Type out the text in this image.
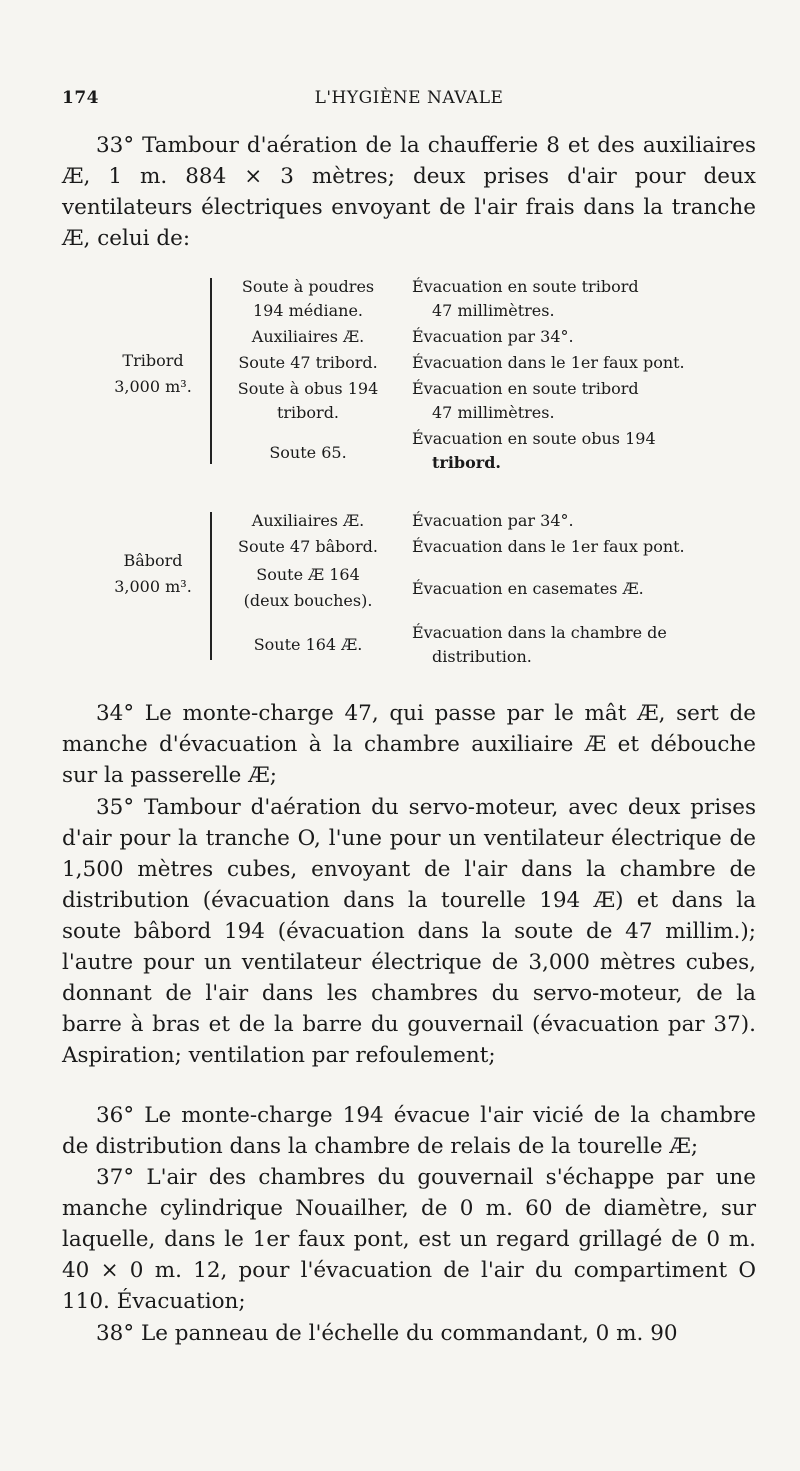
174	L'HYGIÈNE NAVALE

33° Tambour d'aération de la chaufferie 8 et des auxiliaires Æ, 1 m. 884 × 3 mètres; deux prises d'air pour deux ventilateurs électriques envoyant de l'air frais dans la tranche Æ, celui de:

Tribord
3,000 m³.
Soute à poudres
194 médiane.
Auxiliaires Æ.
Soute 47 tribord.
Soute à obus 194
tribord.
Soute 65.
Évacuation en soute tribord
47 millimètres.
Évacuation par 34°.
Évacuation dans le 1er faux pont.
Évacuation en soute tribord
47 millimètres.
Évacuation en soute obus 194
tribord.
Bâbord
3,000 m³.
Auxiliaires Æ.
Soute 47 bâbord.
Soute Æ 164
(deux bouches).
Soute 164 Æ.
Évacuation par 34°.
Évacuation dans le 1er faux pont.
Évacuation en casemates Æ.
Évacuation dans la chambre de
distribution.

34° Le monte-charge 47, qui passe par le mât Æ, sert de manche d'évacuation à la chambre auxiliaire Æ et débouche sur la passerelle Æ;

35° Tambour d'aération du servo-moteur, avec deux prises d'air pour la tranche O, l'une pour un ventilateur électrique de 1,500 mètres cubes, envoyant de l'air dans la chambre de distribution (évacuation dans la tourelle 194 Æ) et dans la soute bâbord 194 (évacuation dans la soute de 47 millim.); l'autre pour un ventilateur électrique de 3,000 mètres cubes, donnant de l'air dans les chambres du servo-moteur, de la barre à bras et de la barre du gouvernail (évacuation par 37). Aspiration; ventilation par refoulement;

36° Le monte-charge 194 évacue l'air vicié de la chambre de distribution dans la chambre de relais de la tourelle Æ;

37° L'air des chambres du gouvernail s'échappe par une manche cylindrique Nouailher, de 0 m. 60 de diamètre, sur laquelle, dans le 1er faux pont, est un regard grillagé de 0 m. 40 × 0 m. 12, pour l'évacuation de l'air du compartiment O 110. Évacuation;

38° Le panneau de l'échelle du commandant, 0 m. 90
